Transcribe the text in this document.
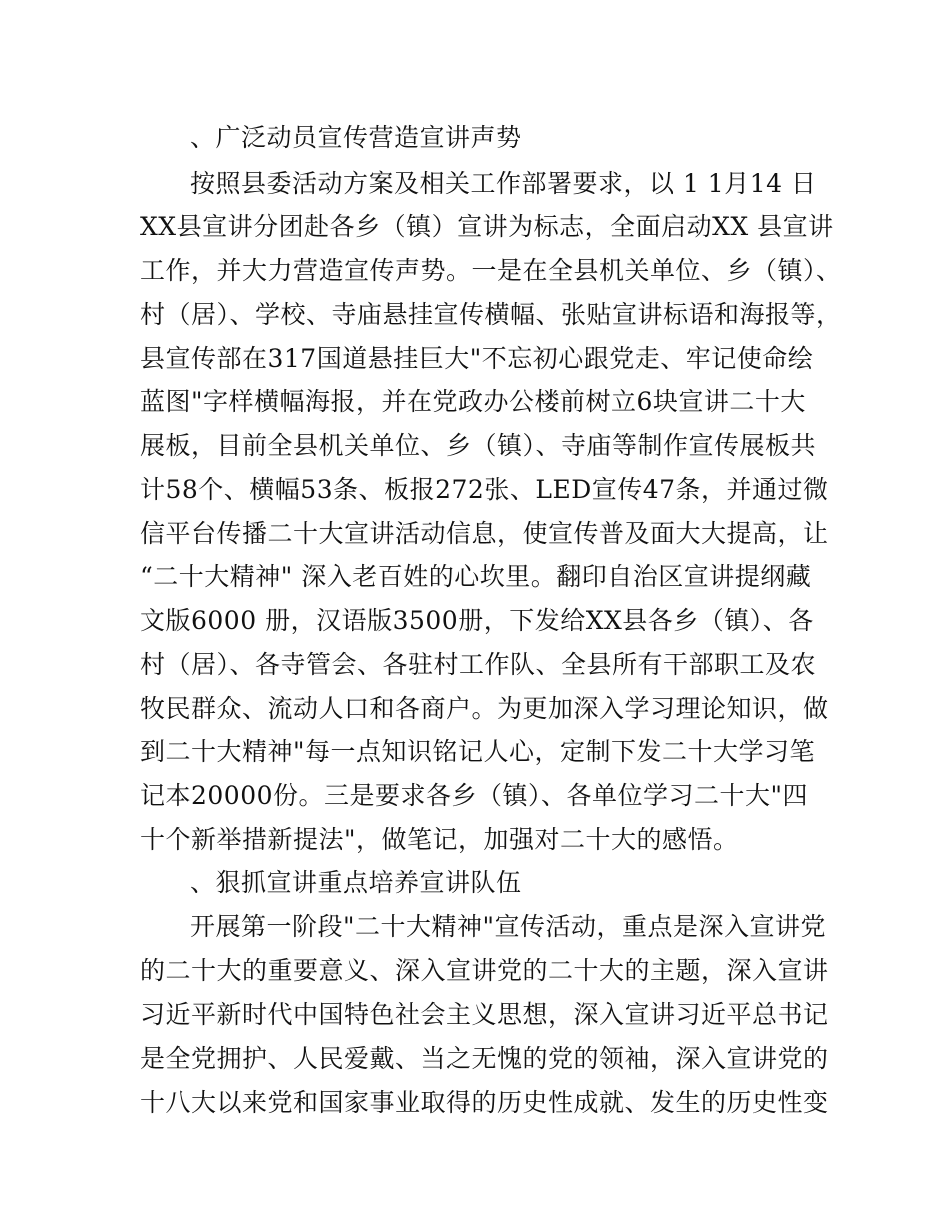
、广泛动员宣传营造宣讲声势
按照县委活动方案及相关工作部署要求，以 1 1月14 日
XX县宣讲分团赴各乡（镇）宣讲为标志，全面启动XX 县宣讲
工作，并大力营造宣传声势。一是在全县机关单位、乡（镇）、
村（居）、学校、寺庙悬挂宣传横幅、张贴宣讲标语和海报等，
县宣传部在317国道悬挂巨大"不忘初心跟党走、牢记使命绘
蓝图"字样横幅海报，并在党政办公楼前树立6块宣讲二十大
展板，目前全县机关单位、乡（镇）、寺庙等制作宣传展板共
计58个、横幅53条、板报272张、LED宣传47条，并通过微
信平台传播二十大宣讲活动信息，使宣传普及面大大提高，让
“二十大精神" 深入老百姓的心坎里。翻印自治区宣讲提纲藏
文版6000 册，汉语版3500册，下发给XX县各乡（镇）、各
村（居）、各寺管会、各驻村工作队、全县所有干部职工及农
牧民群众、流动人口和各商户。为更加深入学习理论知识，做
到二十大精神"每一点知识铭记人心，定制下发二十大学习笔
记本20000份。三是要求各乡（镇）、各单位学习二十大"四
十个新举措新提法"，做笔记，加强对二十大的感悟。
、狠抓宣讲重点培养宣讲队伍
开展第一阶段"二十大精神"宣传活动，重点是深入宣讲党
的二十大的重要意义、深入宣讲党的二十大的主题，深入宣讲
习近平新时代中国特色社会主义思想，深入宣讲习近平总书记
是全党拥护、人民爱戴、当之无愧的党的领袖，深入宣讲党的
十八大以来党和国家事业取得的历史性成就、发生的历史性变
